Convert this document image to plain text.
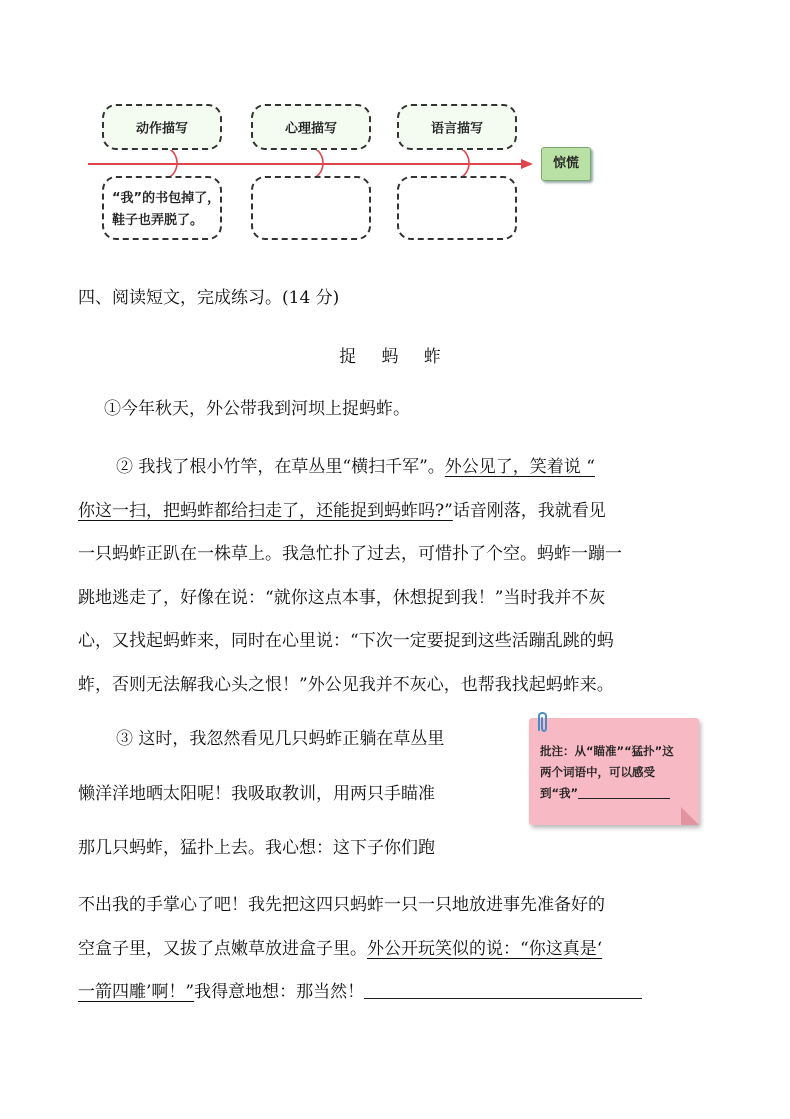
动作描写	心理描写	语言描写
“我”的书包掉了，
鞋子也弄脱了。
惊慌
四、阅读短文，完成练习。(14 分)
捉 蚂 蚱
①今年秋天，外公带我到河坝上捉蚂蚱。
② 我找了根小竹竿，在草丛里“横扫千军”。外公见了，笑着说 “
你这一扫，把蚂蚱都给扫走了，还能捉到蚂蚱吗?”话音刚落，我就看见
一只蚂蚱正趴在一株草上。我急忙扑了过去，可惜扑了个空。蚂蚱一蹦一
跳地逃走了，好像在说：“就你这点本事，休想捉到我！”当时我并不灰
心，又找起蚂蚱来，同时在心里说：“下次一定要捉到这些活蹦乱跳的蚂
蚱，否则无法解我心头之恨！”外公见我并不灰心，也帮我找起蚂蚱来。
③ 这时，我忽然看见几只蚂蚱正躺在草丛里
懒洋洋地晒太阳呢！我吸取教训，用两只手瞄准
那几只蚂蚱，猛扑上去。我心想：这下子你们跑
不出我的手掌心了吧！我先把这四只蚂蚱一只一只地放进事先准备好的
空盒子里，又拔了点嫩草放进盒子里。外公开玩笑似的说：“你这真是‘
一箭四雕’啊！”我得意地想：那当然！
批注：从“瞄准”“猛扑”这
两个词语中，可以感受
到“我”
